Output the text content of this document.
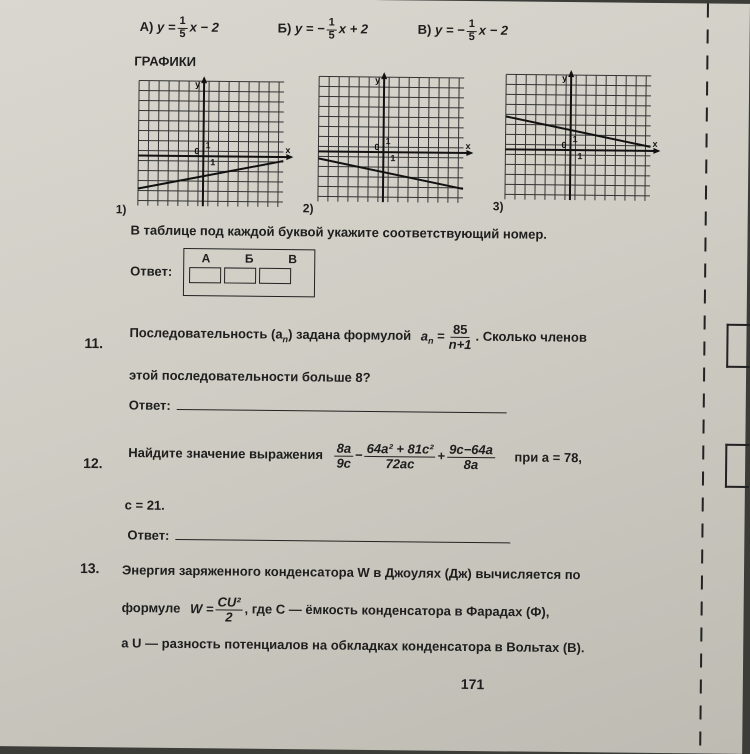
А) $y = \frac{1}{5}$ x − 2	Б) y = − $\frac{1}{5}$ x + 2	В) y = − $\frac{1}{5}$ x − 2
ГРАФИКИ
y
x
0
1
1
y
x
0
1
1
y
x
0
1
1
1)	2)	3)
В таблице под каждой буквой укажите соответствующий номер.
Ответ:
А	Б	В
11.
Последовательность $(a_n)$ задана формулой $a_n = \frac{85}{n+1}$ . Сколько членов
этой последовательности больше 8?
Ответ:
12.
Найдите значение выражения $\frac{8a}{9c} - \frac{\text{64a² + 81c²}}{72ac} + \frac{9c-64a}{8a}$ при a = 78,
c = 21.
Ответ:
13. Энергия заряженного конденсатора W в Джоулях (Дж) вычисляется по
формуле $W = \frac{\text{CU²}}{2}$ , где C — ёмкость конденсатора в Фарадах (Ф),
а U — разность потенциалов на обкладках конденсатора в Вольтах (В).
171
